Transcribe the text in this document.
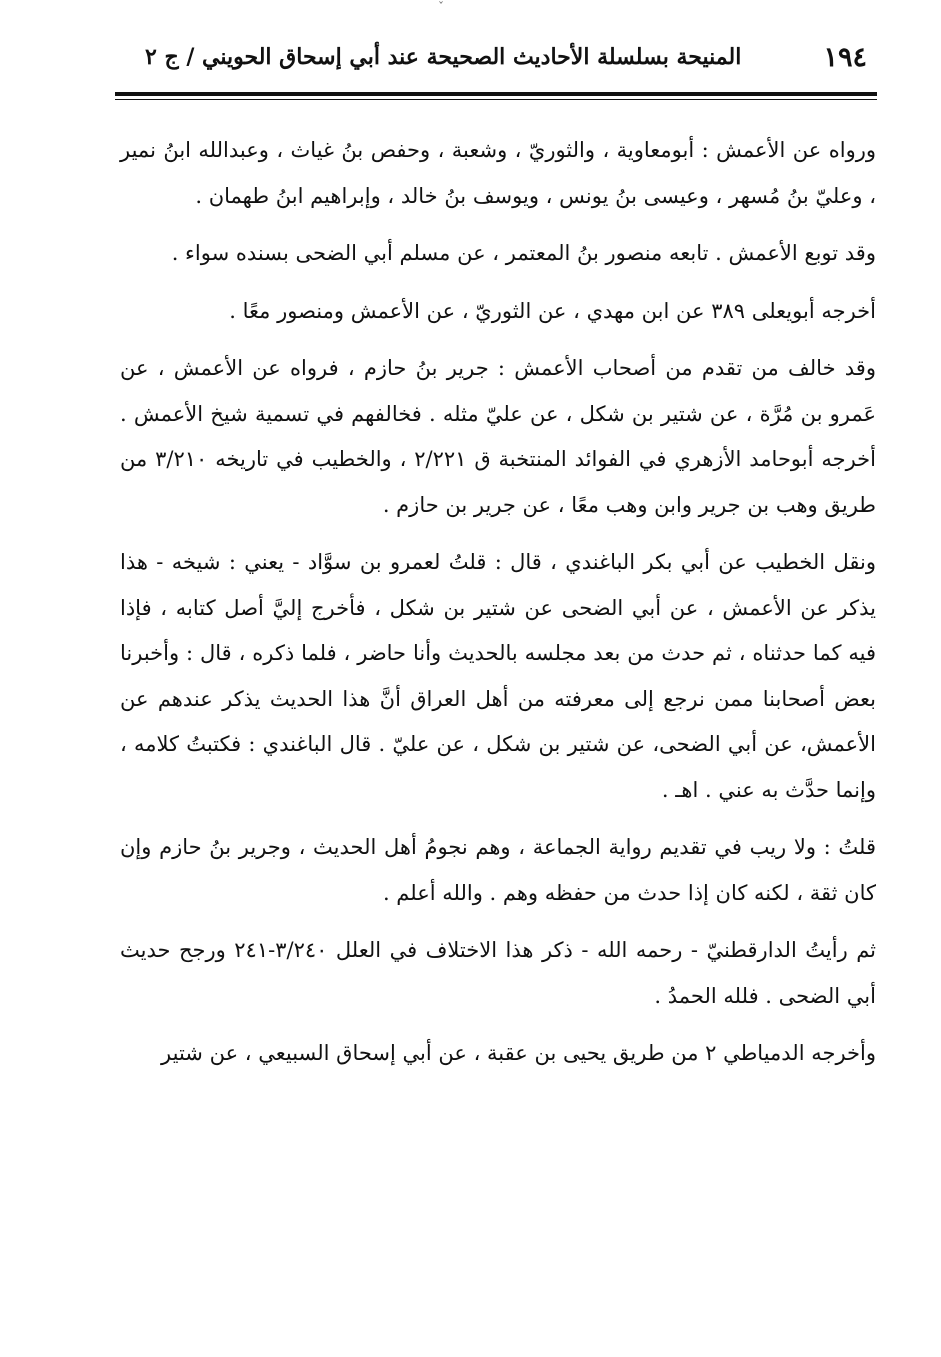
ˇ
١٩٤
المنيحة بسلسلة الأحاديث الصحيحة عند أبي إسحاق الحويني / ج ٢

ورواه عن الأعمش : أبومعاوية ، والثوريّ ، وشعبة ، وحفص بنُ غياث ، وعبدالله ابنُ نمير ، وعليّ بنُ مُسهر ، وعيسى بنُ يونس ، ويوسف بنُ خالد ، وإبراهيم ابنُ طهمان .

وقد توبع الأعمش . تابعه منصور بنُ المعتمر ، عن مسلم أبي الضحى بسنده سواء .

أخرجه أبويعلى ٣٨٩ عن ابن مهدي ، عن الثوريّ ، عن الأعمش ومنصور معًا .

وقد خالف من تقدم من أصحاب الأعمش : جرير بنُ حازم ، فرواه عن الأعمش ، عن عَمرو بن مُرَّة ، عن شتير بن شكل ، عن عليّ مثله . فخالفهم في تسمية شيخ الأعمش . أخرجه أبوحامد الأزهري في الفوائد المنتخبة ق ٢/٢٢١ ، والخطيب في تاريخه ٣/٢١٠ من طريق وهب بن جرير وابن وهب معًا ، عن جرير بن حازم .

ونقل الخطيب عن أبي بكر الباغندي ، قال : قلتُ لعمرو بن سوَّاد - يعني : شيخه - هذا يذكر عن الأعمش ، عن أبي الضحى عن شتير بن شكل ، فأخرج إليَّ أصل كتابه ، فإذا فيه كما حدثناه ، ثم حدث من بعد مجلسه بالحديث وأنا حاضر ، فلما ذكره ، قال : وأخبرنا بعض أصحابنا ممن نرجع إلى معرفته من أهل العراق أنَّ هذا الحديث يذكر عندهم عن الأعمش، عن أبي الضحى، عن شتير بن شكل ، عن عليّ . قال الباغندي : فكتبتُ كلامه ، وإنما حدَّث به عني . اهـ .

قلتُ : ولا ريب في تقديم رواية الجماعة ، وهم نجومُ أهل الحديث ، وجرير بنُ حازم وإن كان ثقة ، لكنه كان إذا حدث من حفظه وهم . والله أعلم .

ثم رأيتُ الدارقطنيّ - رحمه الله - ذكر هذا الاختلاف في العلل ٣/٢٤٠-٢٤١ ورجح حديث أبي الضحى . فلله الحمدُ .

وأخرجه الدمياطي ٢ من طريق يحيى بن عقبة ، عن أبي إسحاق السبيعي ، عن شتير
